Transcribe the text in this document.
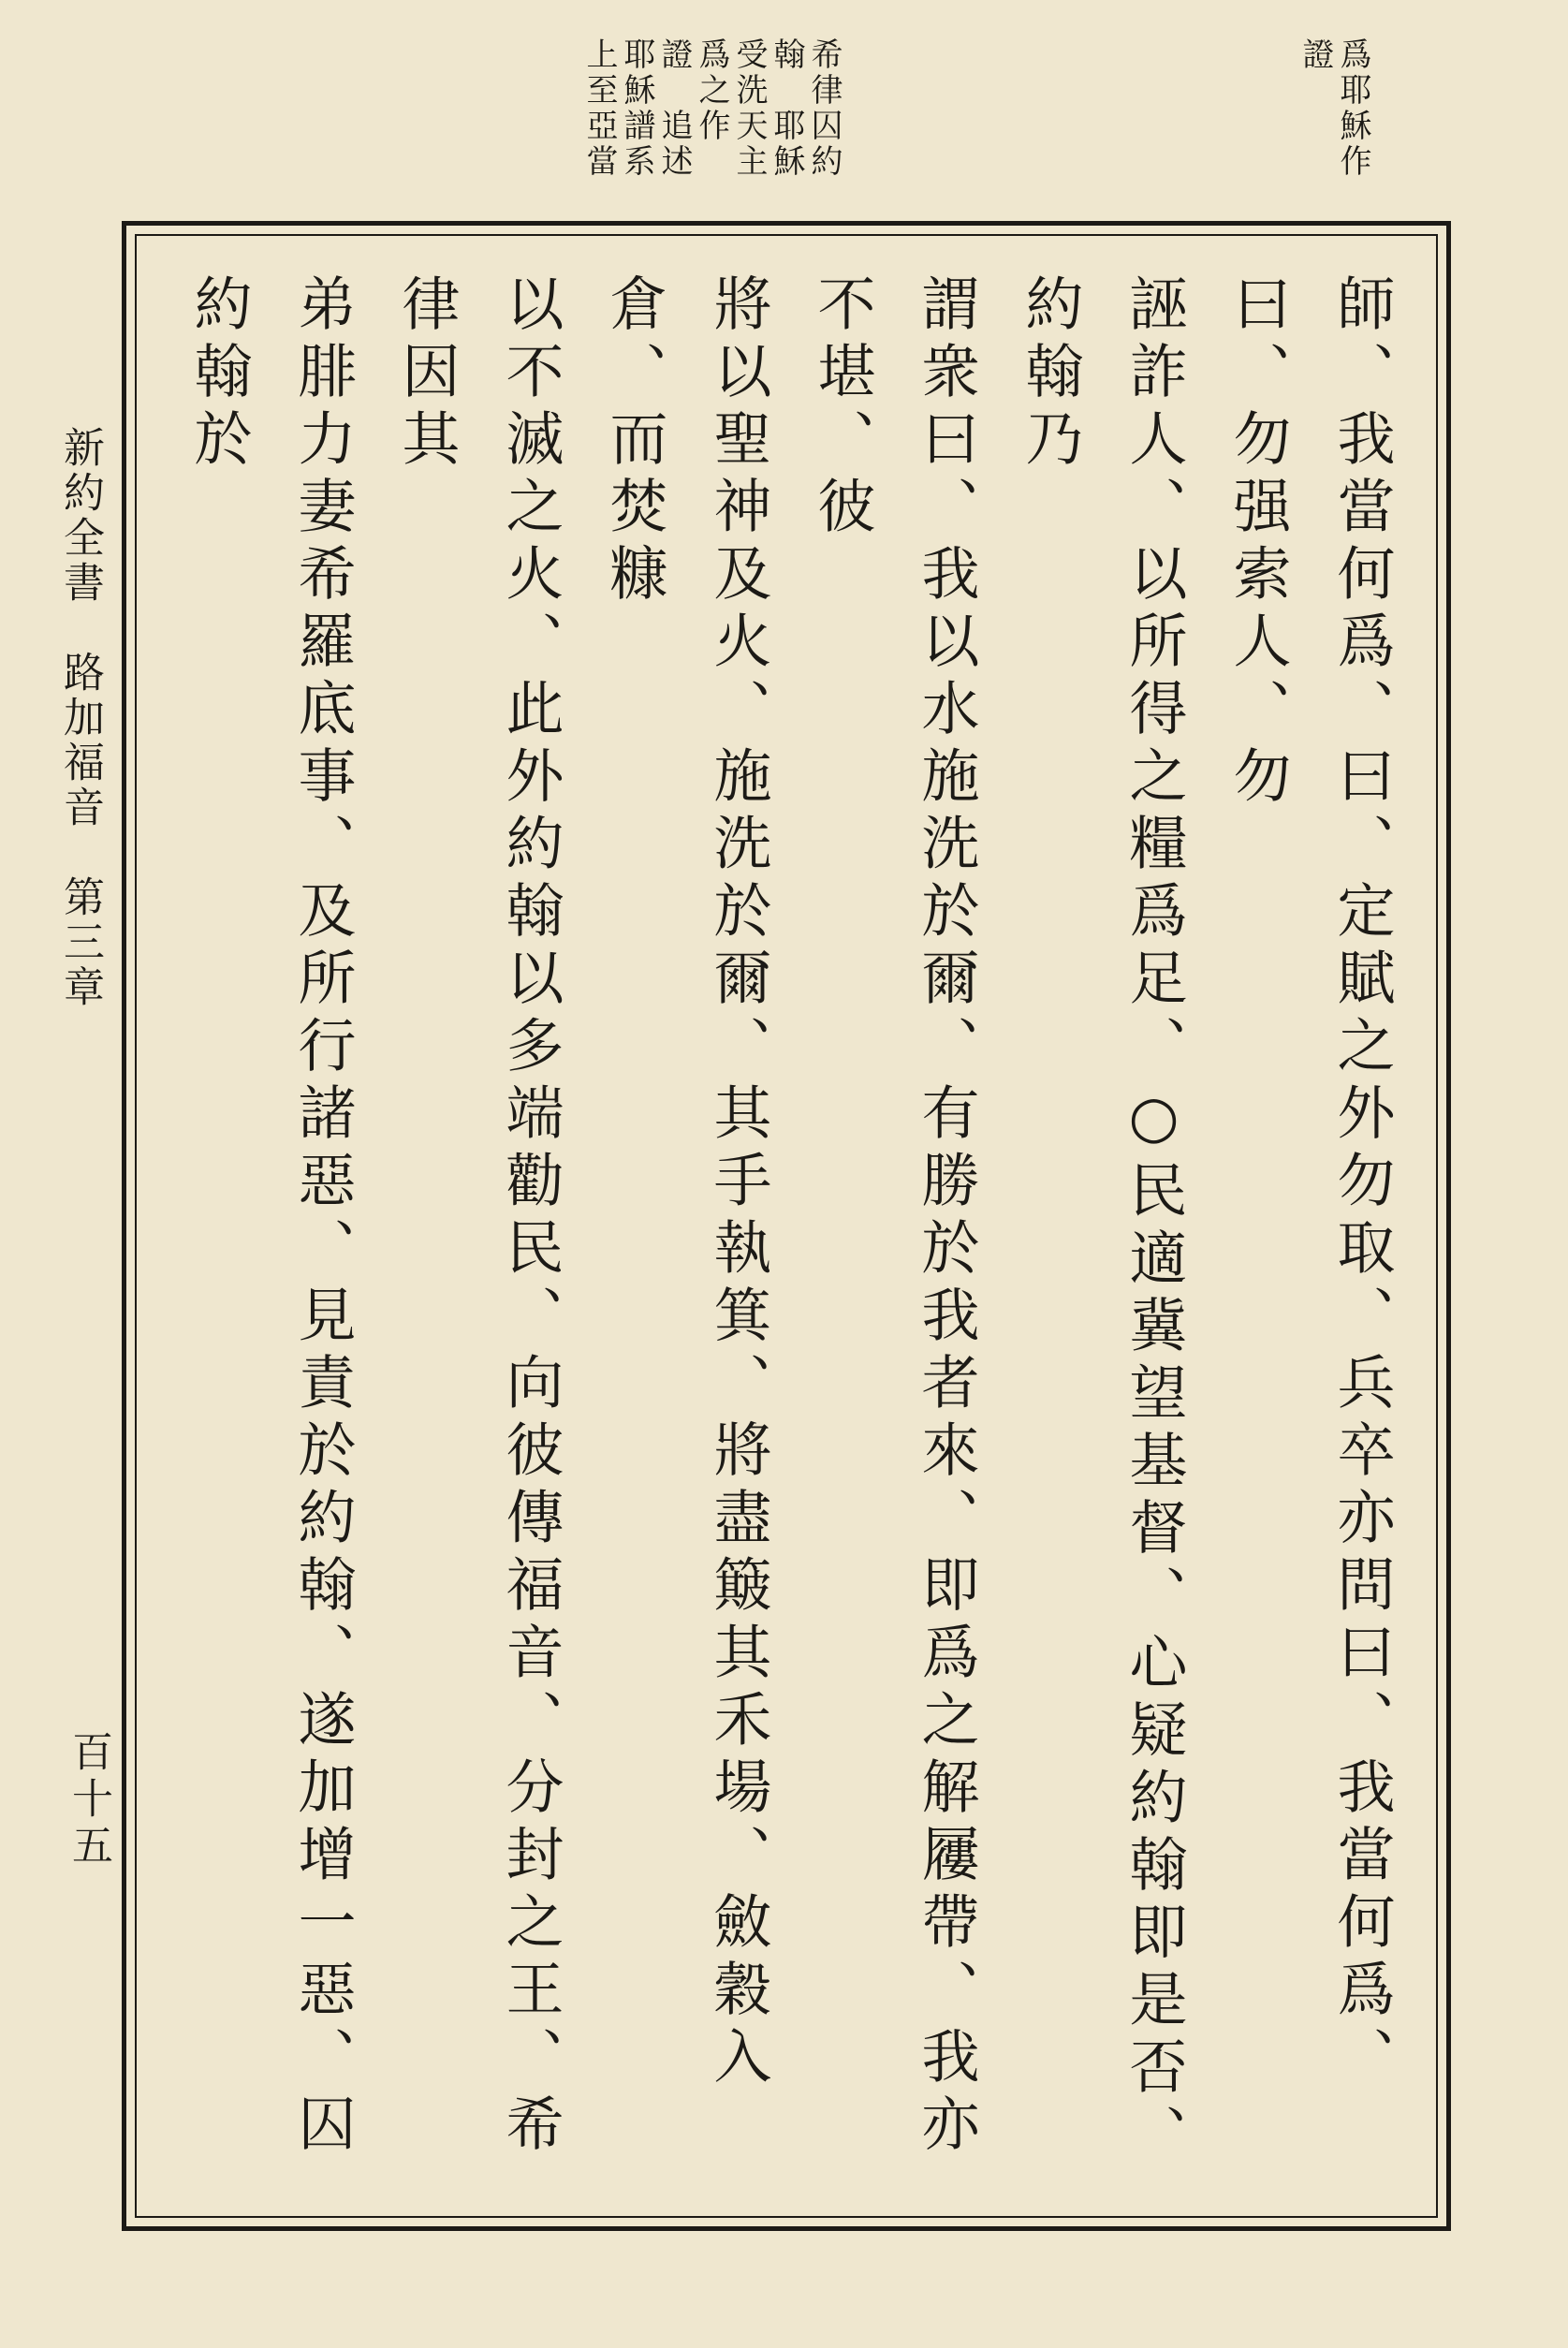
爲耶穌作證
希律囚約翰 耶穌受洗天主爲之作證 追述耶穌譜系上至亞當
師、我當何爲、曰、定賦之外勿取、兵卒亦問曰、我當何爲、曰、勿强索人、勿
誣詐人、以所得之糧爲足、○民適冀望基督、心疑約翰即是否、約翰乃
謂衆曰、我以水施洗於爾、有勝於我者來、即爲之解屨帶、我亦不堪、彼
將以聖神及火、施洗於爾、其手執箕、將盡簸其禾場、斂穀入倉、而焚糠
以不滅之火、此外約翰以多端勸民、向彼傳福音、分封之王、希律因其
弟腓力妻希羅底事、及所行諸惡、見責於約翰、遂加增一惡、囚約翰於
新約全書 路加福音 第三章
百十五
